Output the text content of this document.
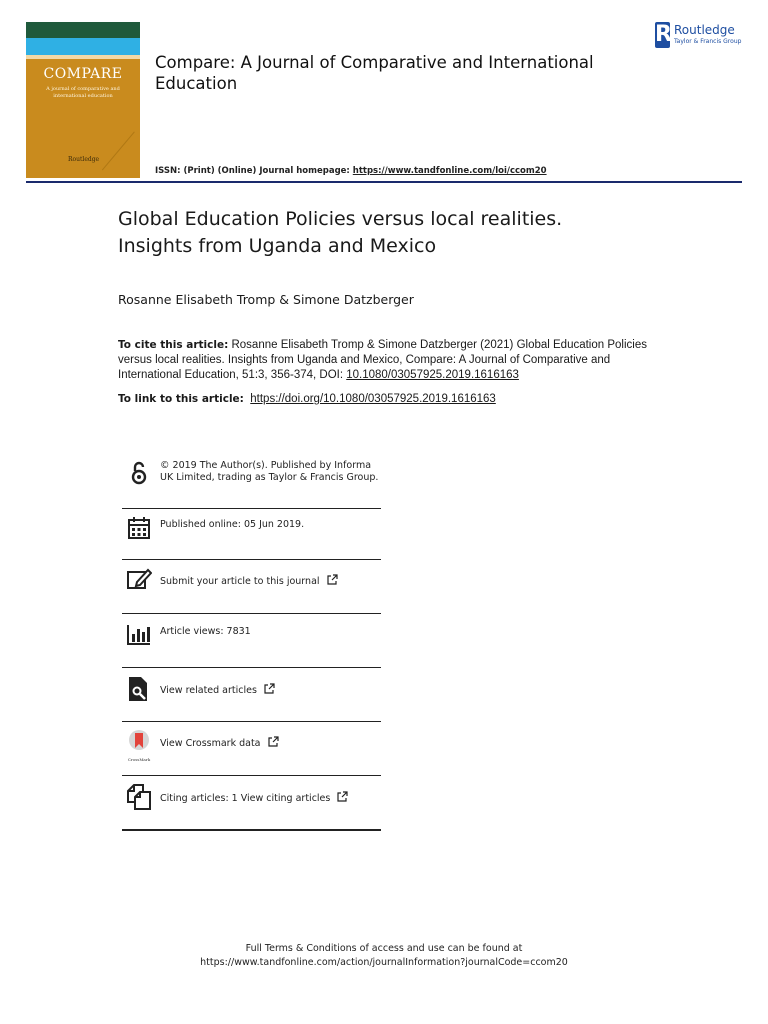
COMPARE
A journal of comparative and international education
Routledge
R Routledge
Taylor & Francis Group
Compare: A Journal of Comparative and International Education
ISSN: (Print) (Online) Journal homepage: https://www.tandfonline.com/loi/ccom20
Global Education Policies versus local realities.
Insights from Uganda and Mexico
Rosanne Elisabeth Tromp & Simone Datzberger
To cite this article: Rosanne Elisabeth Tromp & Simone Datzberger (2021) Global Education Policies versus local realities. Insights from Uganda and Mexico, Compare: A Journal of Comparative and International Education, 51:3, 356-374, DOI: 10.1080/03057925.2019.1616163
To link to this article: https://doi.org/10.1080/03057925.2019.1616163
© 2019 The Author(s). Published by Informa UK Limited, trading as Taylor & Francis Group.
Published online: 05 Jun 2019.
Submit your article to this journal
Article views: 7831
View related articles
CrossMark
View Crossmark data
Citing articles: 1 View citing articles
Full Terms & Conditions of access and use can be found at
https://www.tandfonline.com/action/journalInformation?journalCode=ccom20
